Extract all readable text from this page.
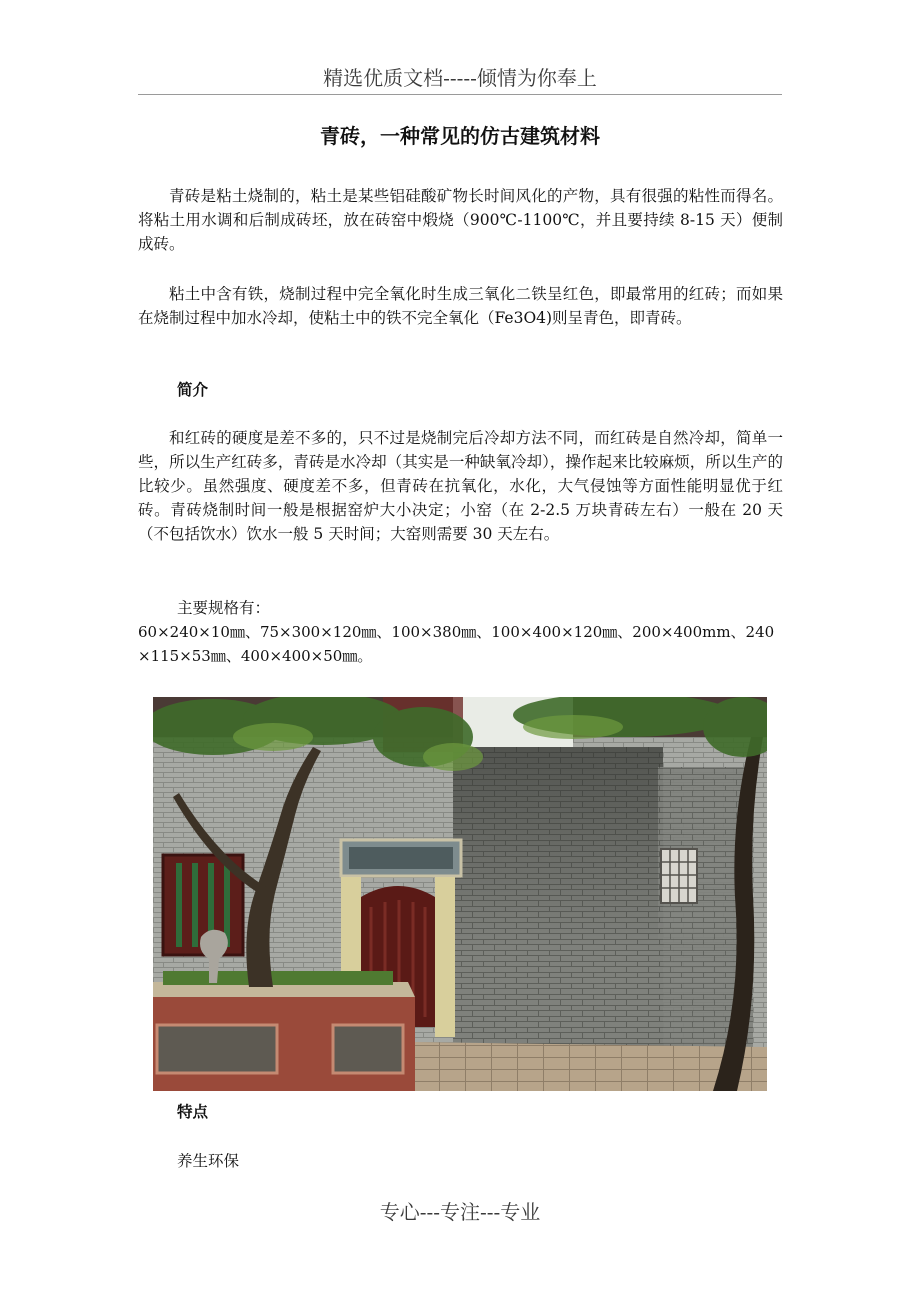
精选优质文档-----倾情为你奉上
青砖，一种常见的仿古建筑材料

青砖是粘土烧制的，粘土是某些铝硅酸矿物长时间风化的产物，具有很强的粘性而得名。将粘土用水调和后制成砖坯，放在砖窑中煅烧（900℃-1100℃，并且要持续 8-15 天）便制成砖。

粘土中含有铁，烧制过程中完全氧化时生成三氧化二铁呈红色，即最常用的红砖；而如果在烧制过程中加水冷却，使粘土中的铁不完全氧化（Fe3O4)则呈青色，即青砖。

简介

和红砖的硬度是差不多的，只不过是烧制完后冷却方法不同，而红砖是自然冷却，简单一些，所以生产红砖多，青砖是水冷却（其实是一种缺氧冷却），操作起来比较麻烦，所以生产的比较少。虽然强度、硬度差不多，但青砖在抗氧化，水化，大气侵蚀等方面性能明显优于红砖。青砖烧制时间一般是根据窑炉大小决定；小窑（在 2-2.5 万块青砖左右）一般在 20 天（不包括饮水）饮水一般 5 天时间；大窑则需要 30 天左右。

主要规格有：
60×240×10㎜、75×300×120㎜、100×380㎜、100×400×120㎜、200×400mm、240×115×53㎜、400×400×50㎜。
特点
养生环保
专心---专注---专业
